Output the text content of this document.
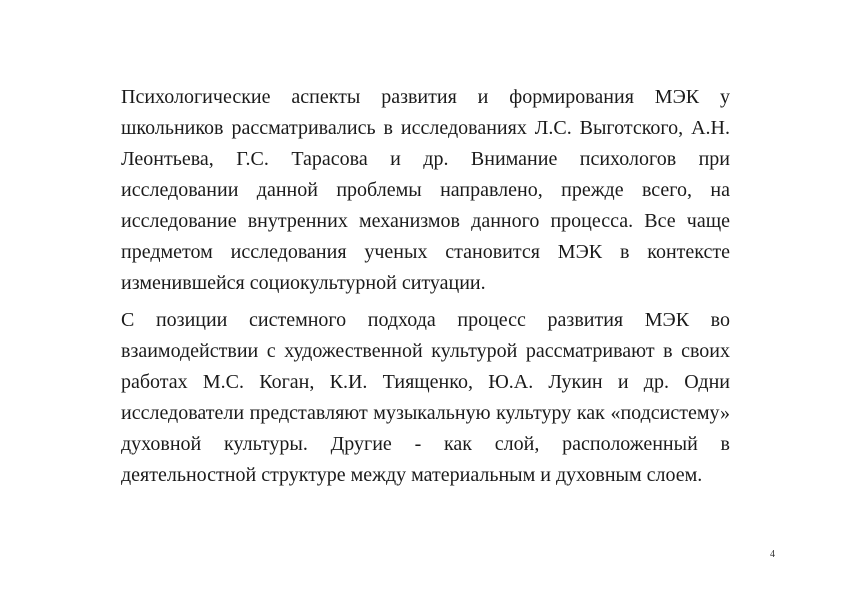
Психологические аспекты развития и формирования МЭК у школьников рассматривались в исследованиях Л.С. Выготского, А.Н. Леонтьева, Г.С. Тарасова и др. Внимание психологов при исследовании данной проблемы направлено, прежде всего, на исследование внутренних механизмов данного процесса. Все чаще предметом исследования ученых становится МЭК в контексте изменившейся социокультурной ситуации.

С позиции системного подхода процесс развития МЭК во взаимодействии с художественной культурой рассматривают в своих работах М.С. Коган, К.И. Тиященко, Ю.А. Лукин и др. Одни исследователи представляют музыкальную культуру как «подсистему» духовной культуры. Другие - как слой, расположенный в деятельностной структуре между материальным и духовным слоем.

4
